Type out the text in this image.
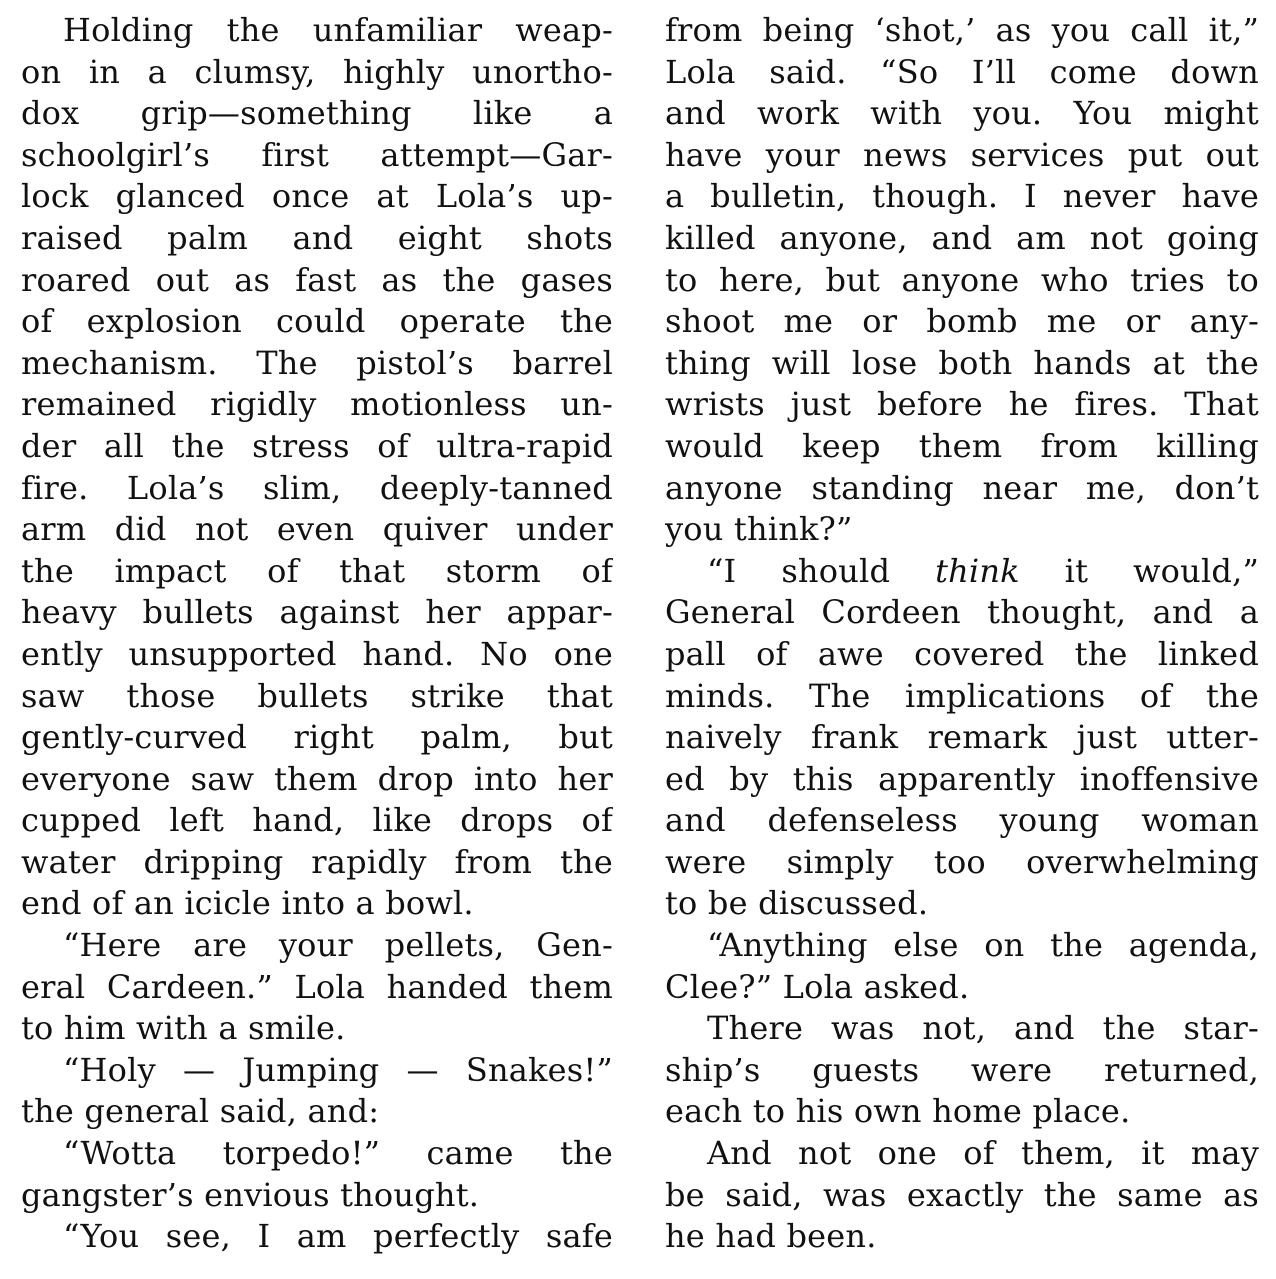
Holding the unfamiliar weap-
on in a clumsy, highly unortho-
dox grip—something like a
schoolgirl’s first attempt—Gar-
lock glanced once at Lola’s up-
raised palm and eight shots
roared out as fast as the gases
of explosion could operate the
mechanism. The pistol’s barrel
remained rigidly motionless un-
der all the stress of ultra-rapid
fire. Lola’s slim, deeply-tanned
arm did not even quiver under
the impact of that storm of
heavy bullets against her appar-
ently unsupported hand. No one
saw those bullets strike that
gently-curved right palm, but
everyone saw them drop into her
cupped left hand, like drops of
water dripping rapidly from the
end of an icicle into a bowl.
“Here are your pellets, Gen-
eral Cardeen.” Lola handed them
to him with a smile.
“Holy — Jumping — Snakes!”
the general said, and:
“Wotta torpedo!” came the
gangster’s envious thought.
“You see, I am perfectly safe
from being ‘shot,’ as you call it,”
Lola said. “So I’ll come down
and work with you. You might
have your news services put out
a bulletin, though. I never have
killed anyone, and am not going
to here, but anyone who tries to
shoot me or bomb me or any-
thing will lose both hands at the
wrists just before he fires. That
would keep them from killing
anyone standing near me, don’t
you think?”
“I should think it would,”
General Cordeen thought, and a
pall of awe covered the linked
minds. The implications of the
naively frank remark just utter-
ed by this apparently inoffensive
and defenseless young woman
were simply too overwhelming
to be discussed.
“Anything else on the agenda,
Clee?” Lola asked.
There was not, and the star-
ship’s guests were returned,
each to his own home place.
And not one of them, it may
be said, was exactly the same as
he had been.
